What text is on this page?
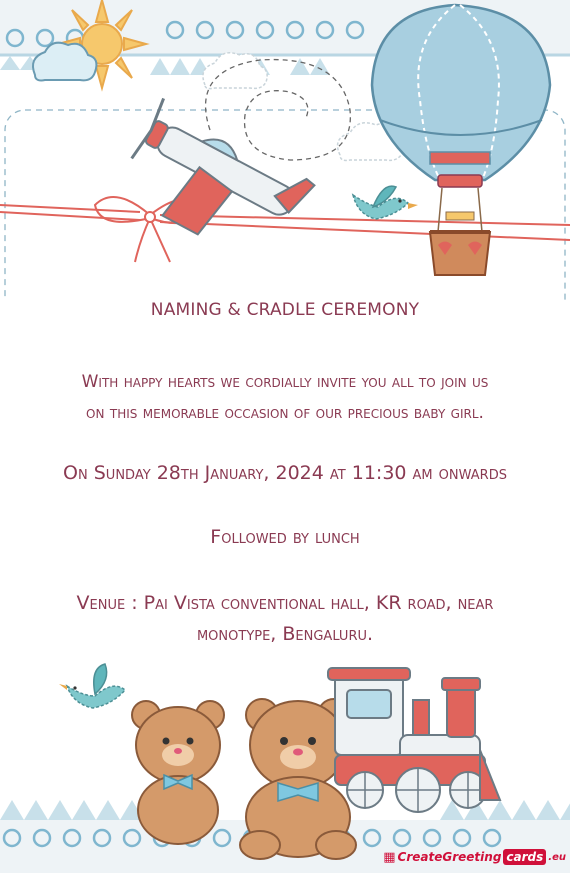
NAMING & CRADLE CEREMONY
With happy hearts we cordially invite you all to join us
on this memorable occasion of our precious baby girl.
On Sunday 28th January, 2024 at 11:30 am onwards
Followed by lunch
Venue : Pai Vista conventional hall, KR road, near
monotype, Bengaluru.
▦ CreateGreeting cards .eu
